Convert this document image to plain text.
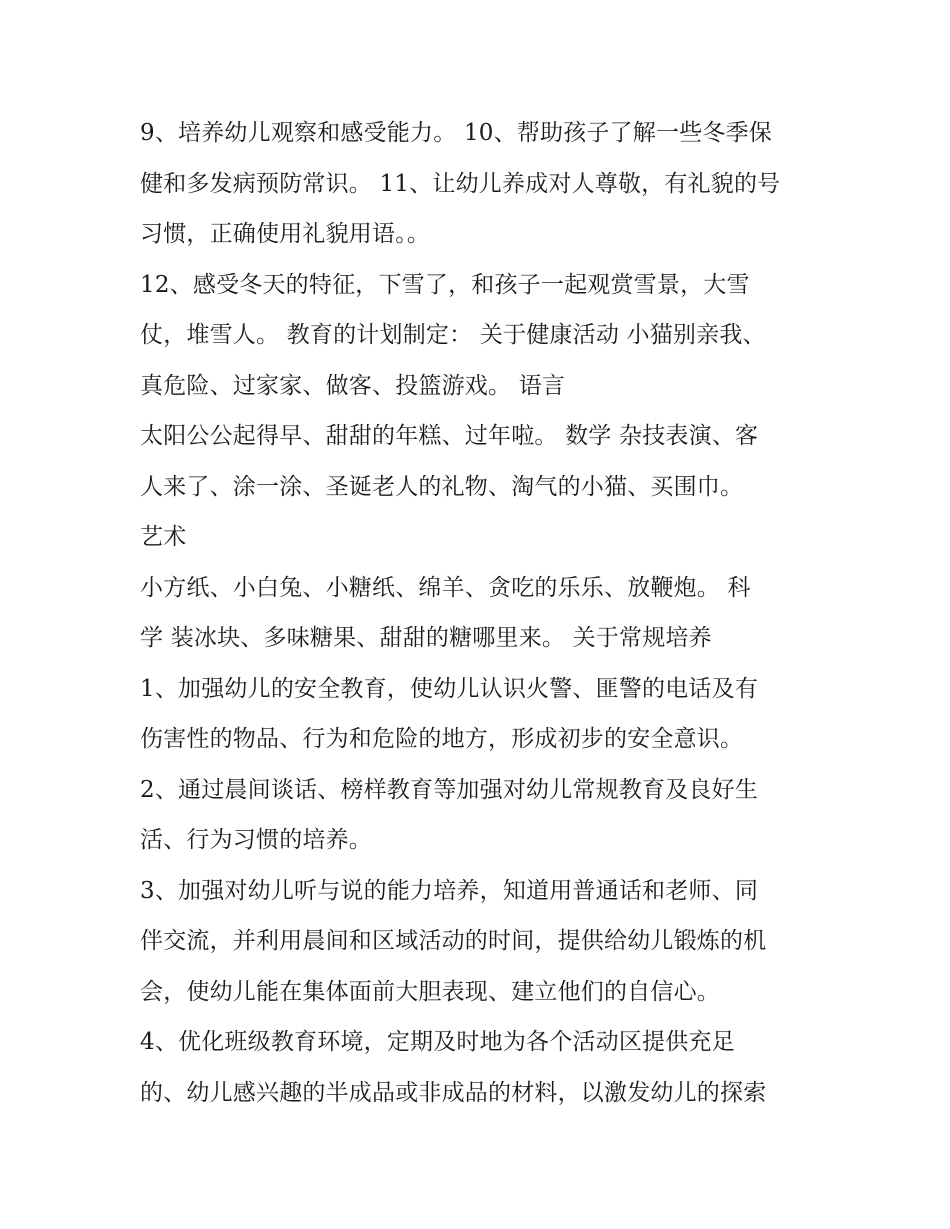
9、培养幼儿观察和感受能力。 10、帮助孩子了解一些冬季保
健和多发病预防常识。 11、让幼儿养成对人尊敬，有礼貌的号
习惯，正确使用礼貌用语。。
12、感受冬天的特征，下雪了，和孩子一起观赏雪景，大雪
仗，堆雪人。 教育的计划制定： 关于健康活动 小猫别亲我、
真危险、过家家、做客、投篮游戏。 语言
太阳公公起得早、甜甜的年糕、过年啦。 数学 杂技表演、客
人来了、涂一涂、圣诞老人的礼物、淘气的小猫、买围巾。
艺术
小方纸、小白兔、小糖纸、绵羊、贪吃的乐乐、放鞭炮。 科
学 装冰块、多味糖果、甜甜的糖哪里来。 关于常规培养
1、加强幼儿的安全教育，使幼儿认识火警、匪警的电话及有
伤害性的物品、行为和危险的地方，形成初步的安全意识。
2、通过晨间谈话、榜样教育等加强对幼儿常规教育及良好生
活、行为习惯的培养。
3、加强对幼儿听与说的能力培养，知道用普通话和老师、同
伴交流，并利用晨间和区域活动的时间，提供给幼儿锻炼的机
会，使幼儿能在集体面前大胆表现、建立他们的自信心。
4、优化班级教育环境，定期及时地为各个活动区提供充足
的、幼儿感兴趣的半成品或非成品的材料，以激发幼儿的探索
